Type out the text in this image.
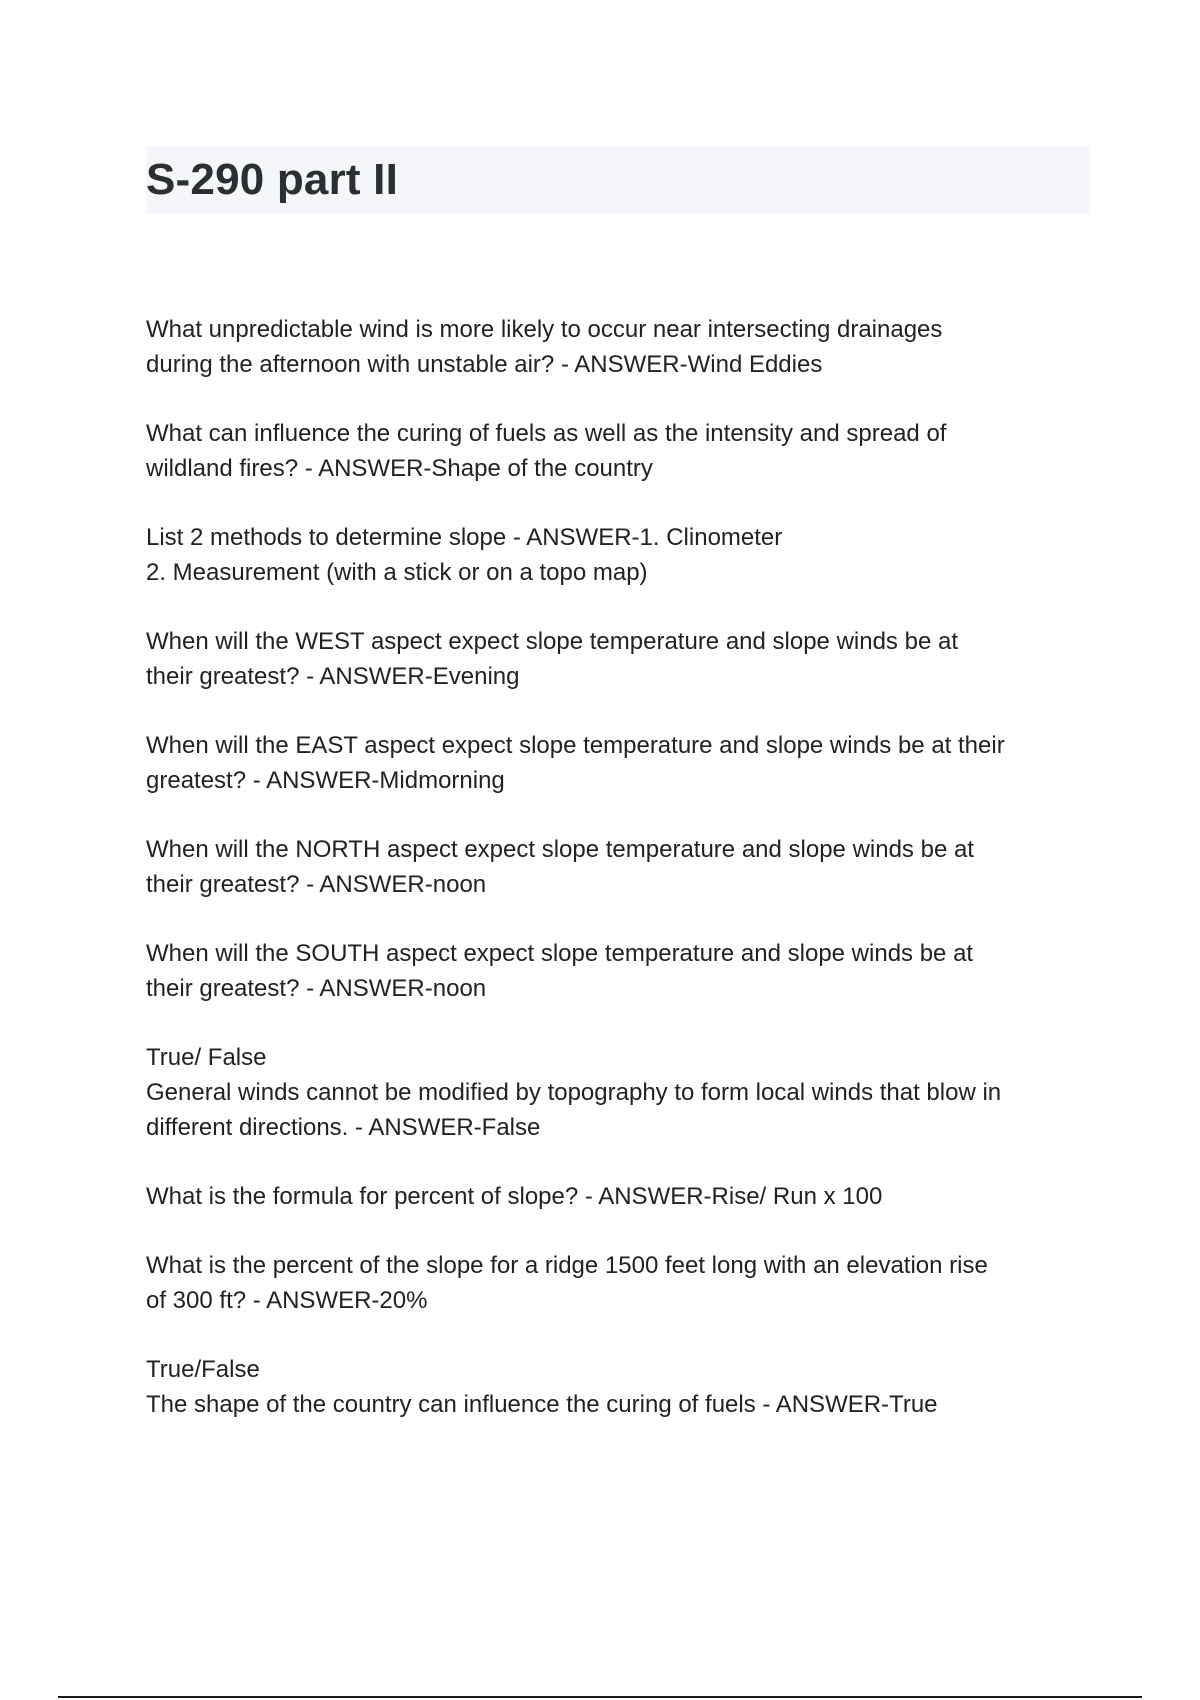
S-290 part II

What unpredictable wind is more likely to occur near intersecting drainages
during the afternoon with unstable air? - ANSWER-Wind Eddies

What can influence the curing of fuels as well as the intensity and spread of
wildland fires? - ANSWER-Shape of the country

List 2 methods to determine slope - ANSWER-1. Clinometer
2. Measurement (with a stick or on a topo map)

When will the WEST aspect expect slope temperature and slope winds be at
their greatest? - ANSWER-Evening

When will the EAST aspect expect slope temperature and slope winds be at their
greatest? - ANSWER-Midmorning

When will the NORTH aspect expect slope temperature and slope winds be at
their greatest? - ANSWER-noon

When will the SOUTH aspect expect slope temperature and slope winds be at
their greatest? - ANSWER-noon

True/ False
General winds cannot be modified by topography to form local winds that blow in
different directions. - ANSWER-False

What is the formula for percent of slope? - ANSWER-Rise/ Run x 100

What is the percent of the slope for a ridge 1500 feet long with an elevation rise
of 300 ft? - ANSWER-20%

True/False
The shape of the country can influence the curing of fuels - ANSWER-True
